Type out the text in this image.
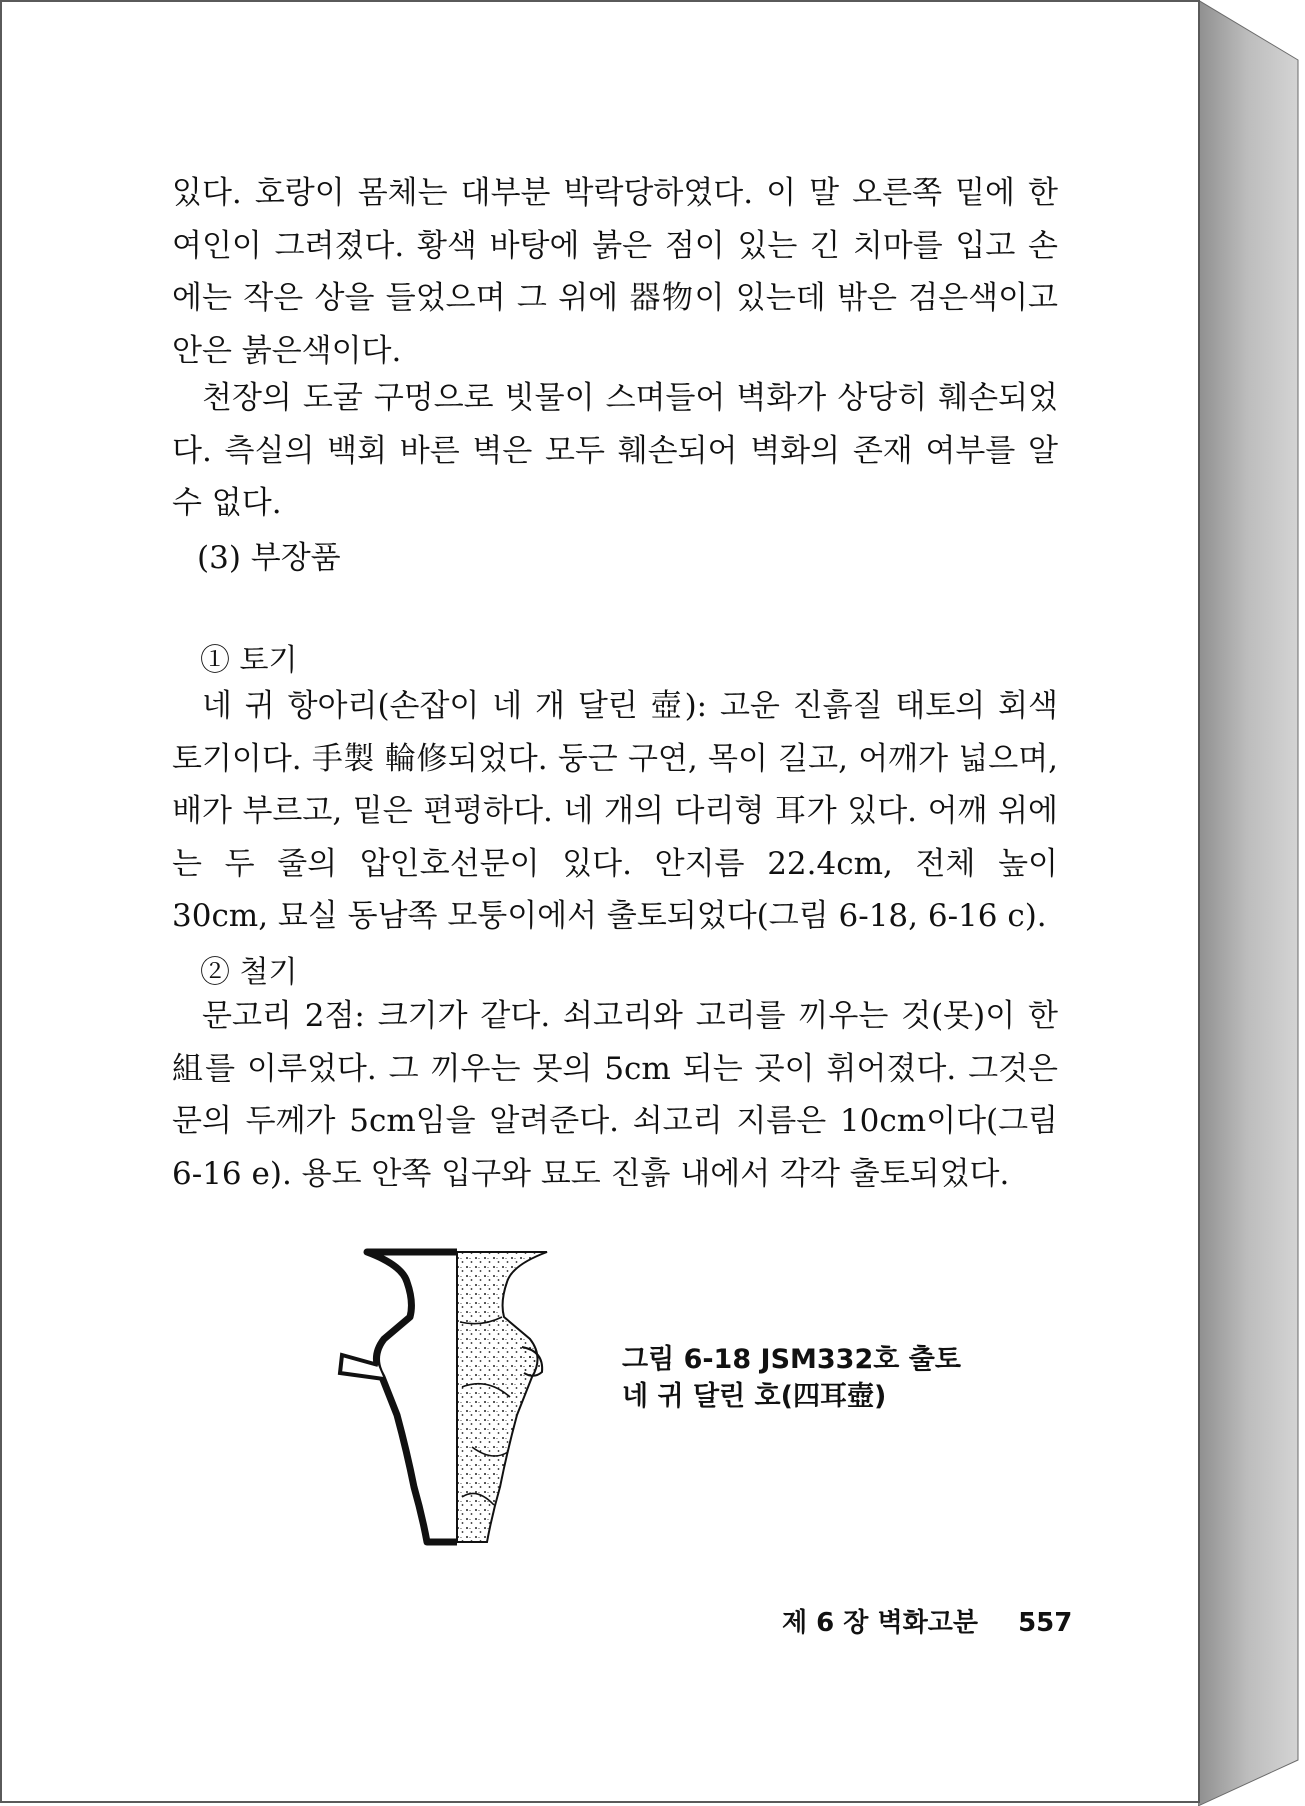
있다. 호랑이 몸체는 대부분 박락당하였다. 이 말 오른쪽 밑에 한 여인이 그려졌다. 황색 바탕에 붉은 점이 있는 긴 치마를 입고 손에는 작은 상을 들었으며 그 위에 器物이 있는데 밖은 검은색이고 안은 붉은색이다.

천장의 도굴 구멍으로 빗물이 스며들어 벽화가 상당히 훼손되었다. 측실의 백회 바른 벽은 모두 훼손되어 벽화의 존재 여부를 알 수 없다.

(3) 부장품
① 토기

네 귀 항아리(손잡이 네 개 달린 壺): 고운 진흙질 태토의 회색 토기이다. 手製 輪修되었다. 둥근 구연, 목이 길고, 어깨가 넓으며, 배가 부르고, 밑은 편평하다. 네 개의 다리형 耳가 있다. 어깨 위에는 두 줄의 압인호선문이 있다. 안지름 22.4cm, 전체 높이 30cm, 묘실 동남쪽 모퉁이에서 출토되었다(그림 6-18, 6-16 c).

② 철기

문고리 2점: 크기가 같다. 쇠고리와 고리를 끼우는 것(못)이 한 組를 이루었다. 그 끼우는 못의 5cm 되는 곳이 휘어졌다. 그것은 문의 두께가 5cm임을 알려준다. 쇠고리 지름은 10cm이다(그림 6-16 e). 용도 안쪽 입구와 묘도 진흙 내에서 각각 출토되었다.

그림 6-18 JSM332호 출토
네 귀 달린 호(四耳壺)
제 6 장 벽화고분 557
